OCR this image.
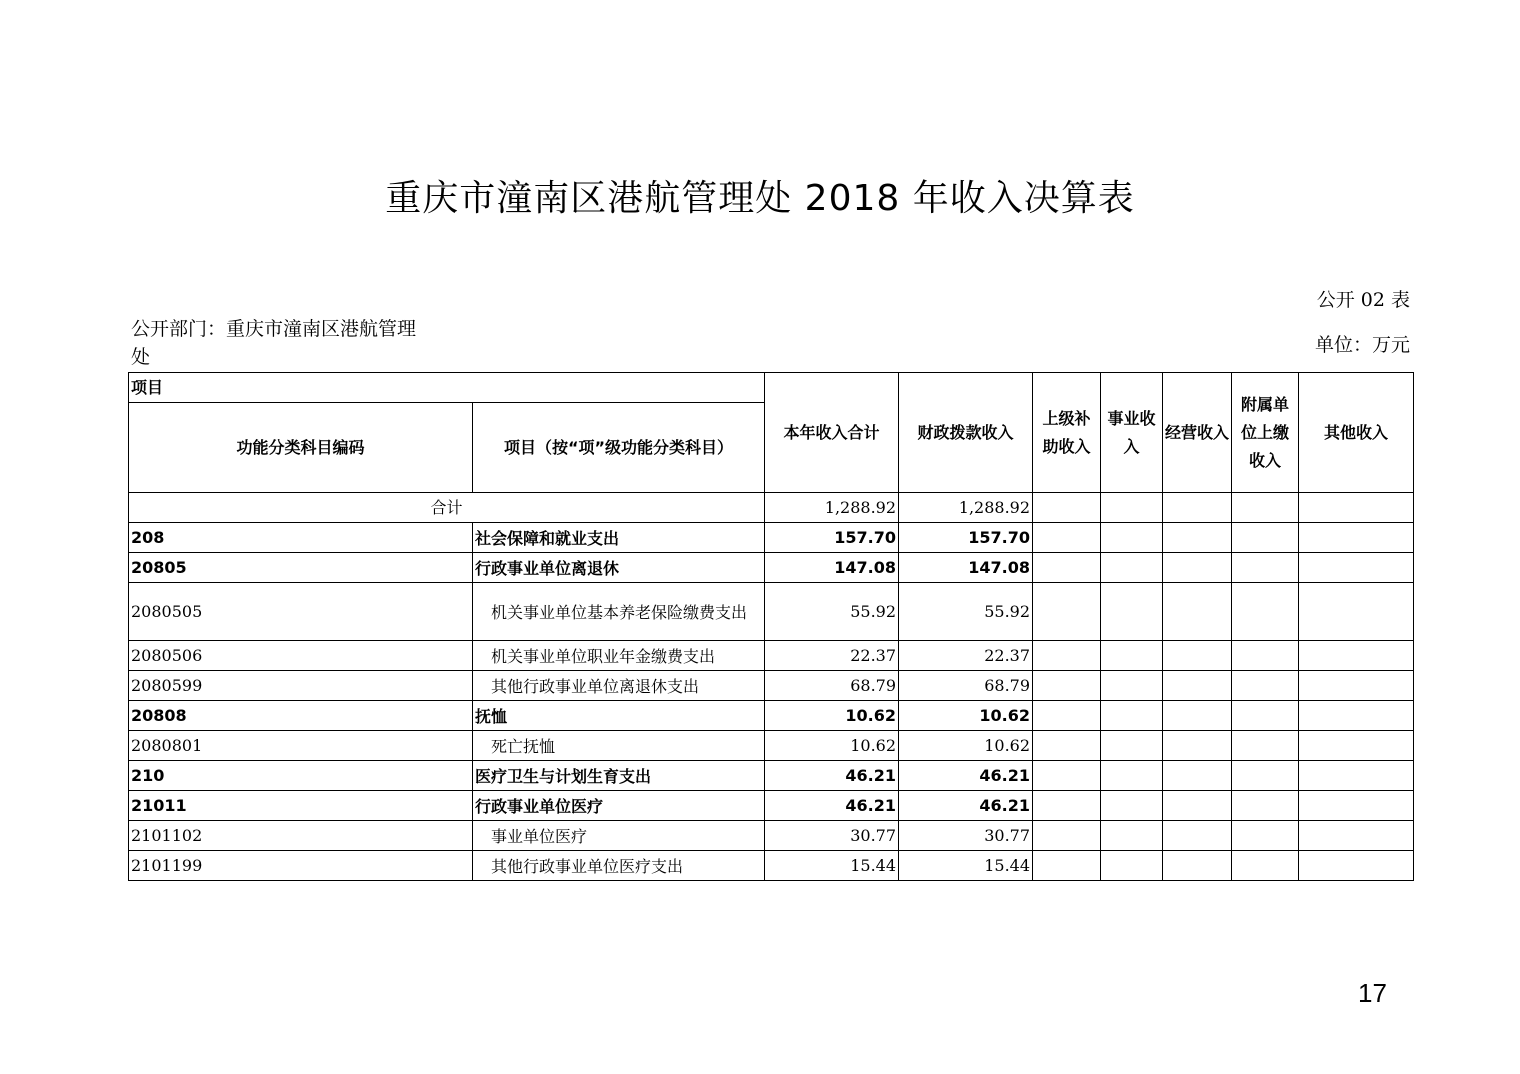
重庆市潼南区港航管理处 2018 年收入决算表
公开 02 表
公开部门：重庆市潼南区港航管理处
单位：万元
项目		本年收入合计	财政拨款收入	上级补助收入	事业收入	经营收入	附属单位上缴收入	其他收入
功能分类科目编码	项目（按“项”级功能分类科目）							
合计		1,288.92	1,288.92					
208	社会保障和就业支出	157.70	157.70					
20805	行政事业单位离退休	147.08	147.08					
2080505	机关事业单位基本养老保险缴费支出	55.92	55.92					
2080506	机关事业单位职业年金缴费支出	22.37	22.37					
2080599	其他行政事业单位离退休支出	68.79	68.79					
20808	抚恤	10.62	10.62					
2080801	死亡抚恤	10.62	10.62					
210	医疗卫生与计划生育支出	46.21	46.21					
21011	行政事业单位医疗	46.21	46.21					
2101102	事业单位医疗	30.77	30.77					
2101199	其他行政事业单位医疗支出	15.44	15.44					
17
